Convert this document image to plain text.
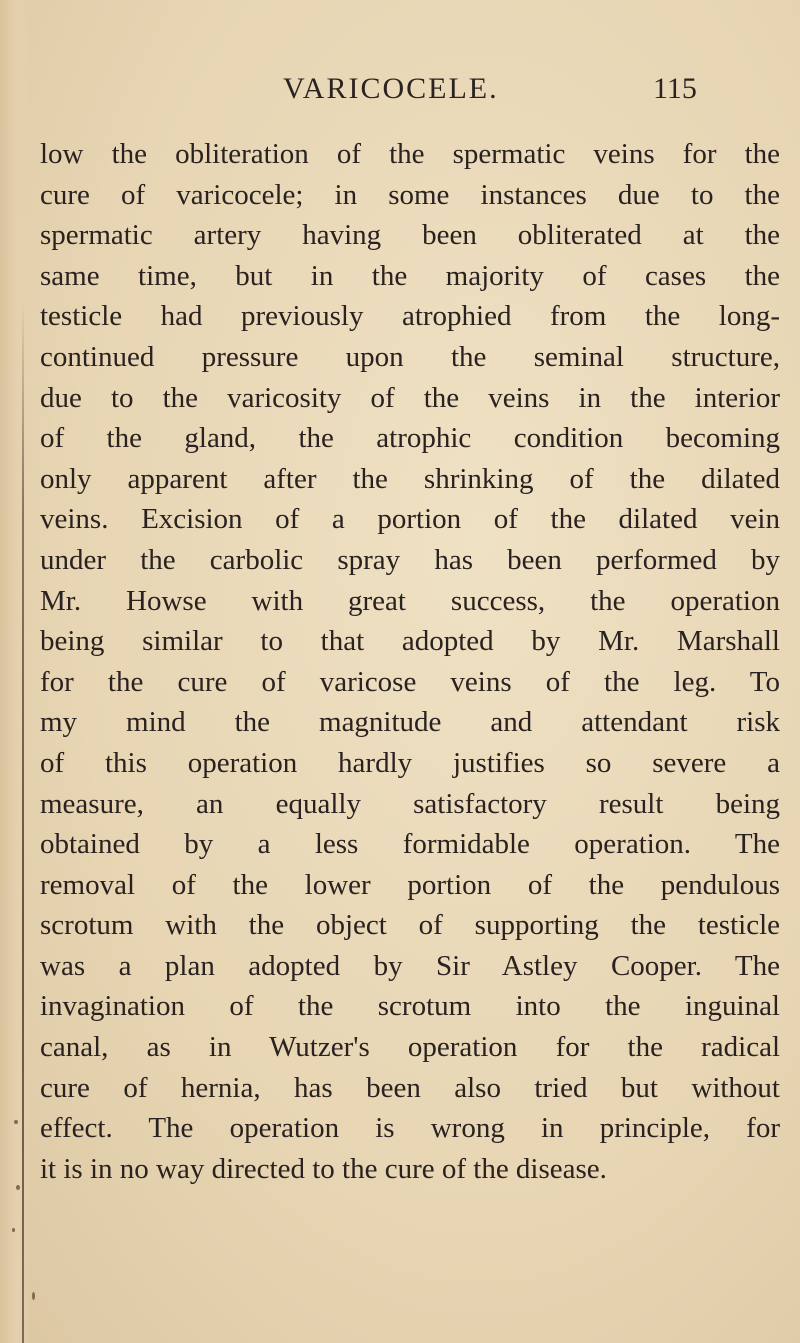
VARICOCELE.	115
low the obliteration of the spermatic veins for the
cure of varicocele; in some instances due to the
spermatic artery having been obliterated at the
same time, but in the majority of cases the
testicle had previously atrophied from the long-
continued pressure upon the seminal structure,
due to the varicosity of the veins in the interior
of the gland, the atrophic condition becoming
only apparent after the shrinking of the dilated
veins. Excision of a portion of the dilated vein
under the carbolic spray has been performed by
Mr. Howse with great success, the operation
being similar to that adopted by Mr. Marshall
for the cure of varicose veins of the leg. To
my mind the magnitude and attendant risk
of this operation hardly justifies so severe a
measure, an equally satisfactory result being
obtained by a less formidable operation. The
removal of the lower portion of the pendulous
scrotum with the object of supporting the testicle
was a plan adopted by Sir Astley Cooper. The
invagination of the scrotum into the inguinal
canal, as in Wutzer's operation for the radical
cure of hernia, has been also tried but without
effect. The operation is wrong in principle, for
it is in no way directed to the cure of the disease.
